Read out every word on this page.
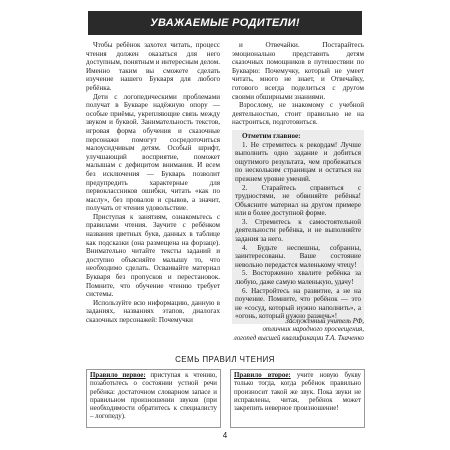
УВАЖАЕМЫЕ РОДИТЕЛИ!

Чтобы ребёнок захотел читать, процесс чтения должен оказаться для него доступным, понятным и интересным делом. Именно таким вы сможете сделать изучение нашего Букваря для любого ребёнка.

Дети с логопедическими проблемами получат в Букваре надёжную опору — особые приёмы, укрепляющие связь между звуком и буквой. Занимательность текстов, игровая форма обучения и сказочные персонажи помогут сосредоточиться малоусидчивым детям. Особый шрифт, улучшающий восприятие, поможет малышам с дефицитом внимания. И всем без исключения — Букварь позволит предупредить характерные для первоклассников ошибки, читать «как по маслу», без провалов и срывов, а значит, получать от чтения удовольствие.

Приступая к занятиям, ознакомьтесь с правилами чтения. Заучите с ребёнком названия цветных букв, данных в таблице как подсказки (она размещена на форзаце). Внимательно читайте тексты заданий и доступно объясняйте малышу то, что необходимо сделать. Осваивайте материал Букваря без пропусков и перестановок. Помните, что обучение чтению требует системы.

Используйте всю информацию, данную в заданиях, названиях этапов, диалогах сказочных персонажей: Почемучки

и Отвечайки. Постарайтесь эмоционально представить детям сказочных помощников в путешествии по Букварю: Почемучку, который не умеет читать, много не знает, и Отвечайку, готового всегда поделиться с другом своими обширными знаниями.

Взрослому, не знакомому с учебной деятельностью, стоит правильно не на настроиться, подготовиться.

Отметим главное:

1. Не стремитесь к рекордам! Лучше выполнить одно задание и добиться ощутимого результата, чем пробежаться по нескольким страницам и остаться на прежнем уровне умений.

2. Старайтесь справиться с трудностями, не обвиняйте ребёнка! Объясните материал на другом примере или в более доступной форме.

3. Стремитесь к самостоятельной деятельности ребёнка, и не выполняйте задания за него.

4. Будьте неспешны, собранны, заинтересованы. Ваше состояние невольно передастся маленькому чтецу!

5. Восторженно хвалите ребёнка за любую, даже самую маленькую, удачу!

6. Настройтесь на развитие, а не на поучение. Помните, что ребёнок — это не «сосуд, который нужно наполнить», а «огонь, который нужно разжечь»!

Заслуженный учитель РФ,
отличник народного просвещения,
логопед высшей квалификации Т.А. Ткаченко
СЕМЬ ПРАВИЛ ЧТЕНИЯ
Правило первое: приступая к чтению, позаботьтесь о состоянии устной речи ребёнка: достаточном словарном запасе и правильном произношении звуков (при необходимости обратитесь к специалисту – логопеду).
Правило второе: учите новую букву только тогда, когда ребёнок правильно произносит такой же звук. Пока звуки не исправлены, читая, ребёнок может закрепить неверное произношение!
4
